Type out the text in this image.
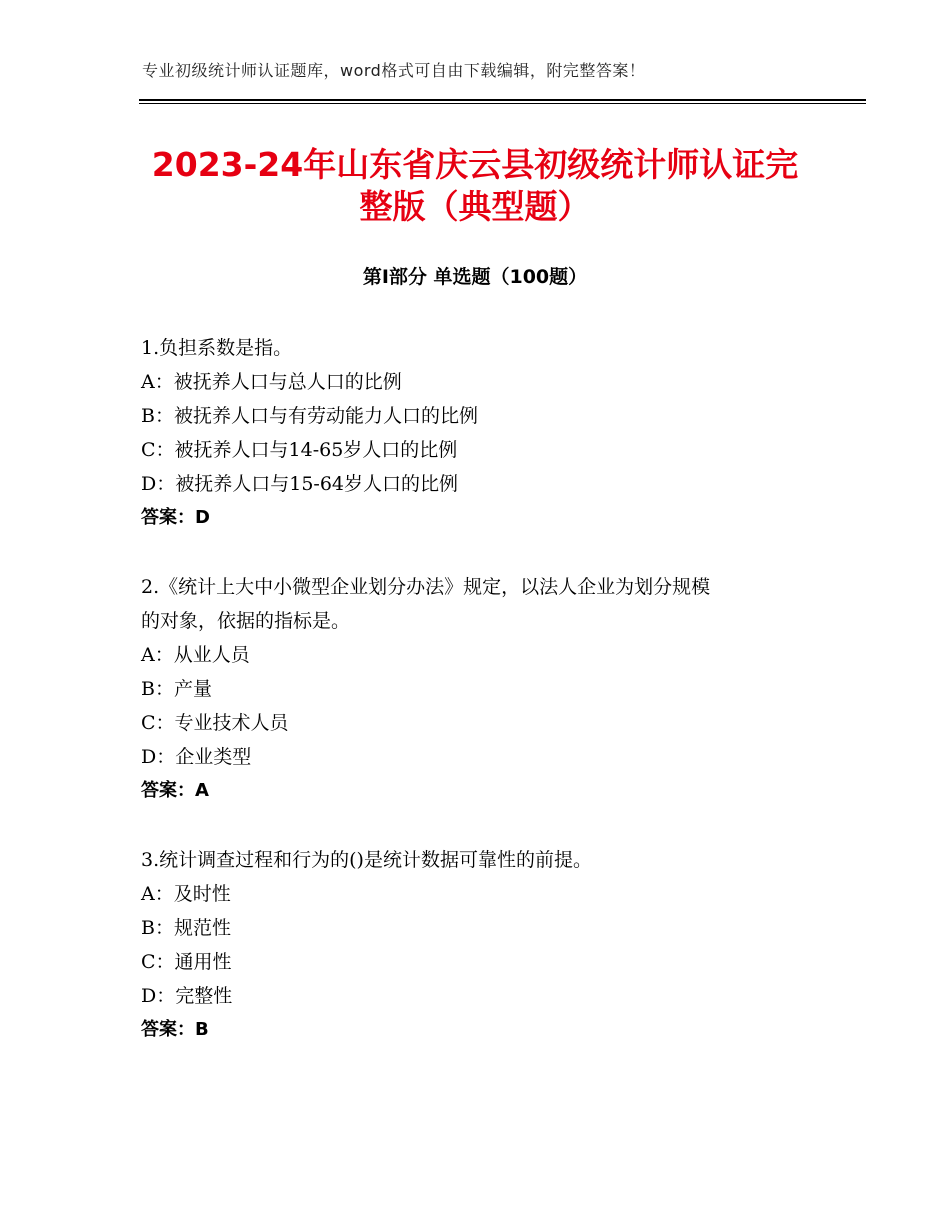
专业初级统计师认证题库，word格式可自由下载编辑，附完整答案！
2023-24年山东省庆云县初级统计师认证完
整版（典型题）
第Ⅰ部分 单选题（100题）
1.负担系数是指。
A：被抚养人口与总人口的比例
B：被抚养人口与有劳动能力人口的比例
C：被抚养人口与14-65岁人口的比例
D：被抚养人口与15-64岁人口的比例
答案：D
2.《统计上大中小微型企业划分办法》规定，以法人企业为划分规模
的对象，依据的指标是。
A：从业人员
B：产量
C：专业技术人员
D：企业类型
答案：A
3.统计调查过程和行为的()是统计数据可靠性的前提。
A：及时性
B：规范性
C：通用性
D：完整性
答案：B
